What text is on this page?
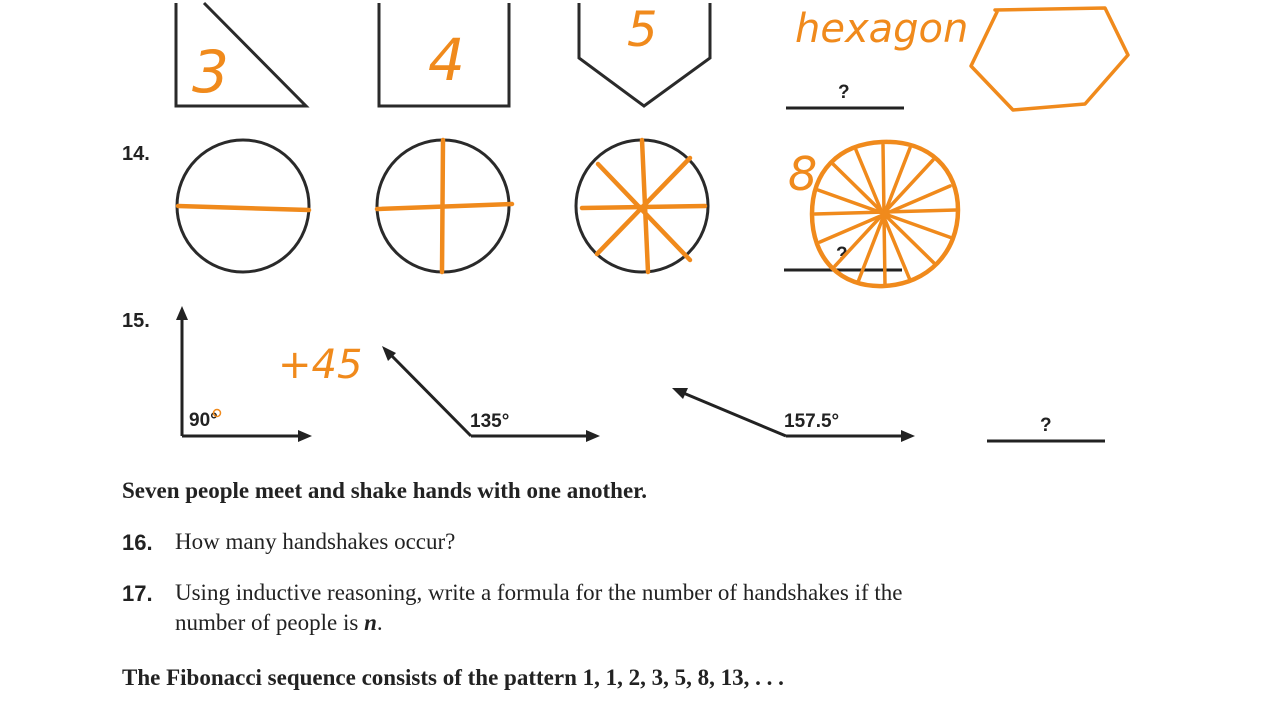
3	4	5	hexagon
?
14.	8
?
15.
90°
+45
135°	157.5°	?
Seven people meet and shake hands with one another.
16. How many handshakes occur?
17. Using inductive reasoning, write a formula for the number of handshakes if the
number of people is n.
The Fibonacci sequence consists of the pattern 1, 1, 2, 3, 5, 8, 13, . . .
